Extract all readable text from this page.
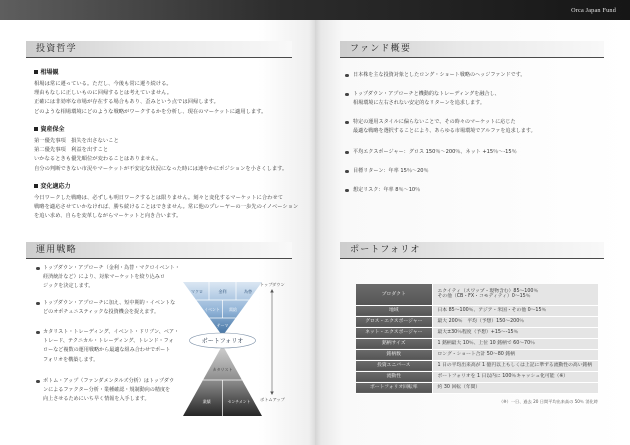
Orca Japan Fund
投資哲学
相場観
相場は常に遷っている。ただし、今後も常に遷り続ける。
理由もなしに正しいものに回帰するとは考えていません。
正確には非効率な市場が存在する場合もあり、歪みという点では回帰します。
どのような相場環境にどのような戦略がワークするかを分析し、現在のマーケットに適用します。
資産保全
第一優先事項　損失を出さないこと
第二優先事項　利益を出すこと
いかなるときも優先順位が変わることはありません。
自分の判断できない市況やマーケットが不安定な状況になった時には速やかにポジションを小さくします。
変化適応力
今日ワークした戦略は、必ずしも明日ワークするとは限りません。刻々と変化するマーケットに合わせて
戦略を適応させていかなければ、勝ち続けることはできません。常に他のプレーヤーの一歩先のイノベーション
を追い求め、自らを変革しながらマーケットと向き合います。
運用戦略
トップダウン・アプローチ（金利・為替・マクロイベント・
経済統計など）により、対象マーケットを絞り込みロ
ジックを決定します。
トップダウン・アプローチに加え、短中期的・イベントな
どのオポチュニスティックな投資機会を捉えます。
カタリスト・トレーディング、イベント・ドリブン、ペア・
トレード、テクニカル・トレーディング、トレンド・フォ
ローなど複数の運用戦略から最適な組み合わせでポート
フォリオを構築します。
ボトム・アップ（ファンダメンタルズ分析）はトップダウ
ンによるファクター分析・業種確認・規制動向の精度を
向上させるためにいち早く情報を入手します。
マクロ	金利	為替
イベント 需給
テーマ
カタリスト
業績	センチメント
ポートフォリオ
トップダウン
ボトムアップ
ファンド概要
日本株を主な投資対象としたロング・ショート戦略のヘッジファンドです。
トップダウン・アプローチと機動的なトレーディングを融合し、
相場環境に左右されない安定的なリターンを追求します。
特定の運用スタイルに偏らないことで、その時々のマーケットに応じた
最適な戦略を選択することにより、あらゆる市場環境でアルファを追求します。
平均エクスポージャー：グロス 150％～200％、ネット +15％～-15％
目標リターン：年率 15％～20％
想定リスク：年率 8％～10％
ポートフォリオ
プロダクト	エクイティ（スワップ・現物含む）85～100％
その他（CB・FX・コモディティ）0～15％

地域	日本 85～100％、アジア・米国・その他 0～15％
グロス・エクスポージャー	最大 200％　平均（予想）150～200％
ネット・エクスポージャー	最大±30％程度（予想）+15～-15％
銘柄サイズ	1 銘柄最大 10％、上位 10 銘柄で 60～70％
銘柄数	ロング・ショート合計 50～80 銘柄
投資ユニバース	1 日の平均出来高が 1 億円以上もしくは上記に準ずる流動性の高い銘柄
流動性	ポートフォリオを 1 日以内に 100％キャッシュ化可能（※）
ポートフォリオ回転率	約 30 回転（年間）
（※）一日、過去 20 日間平均出来高の 50％ 消化時
